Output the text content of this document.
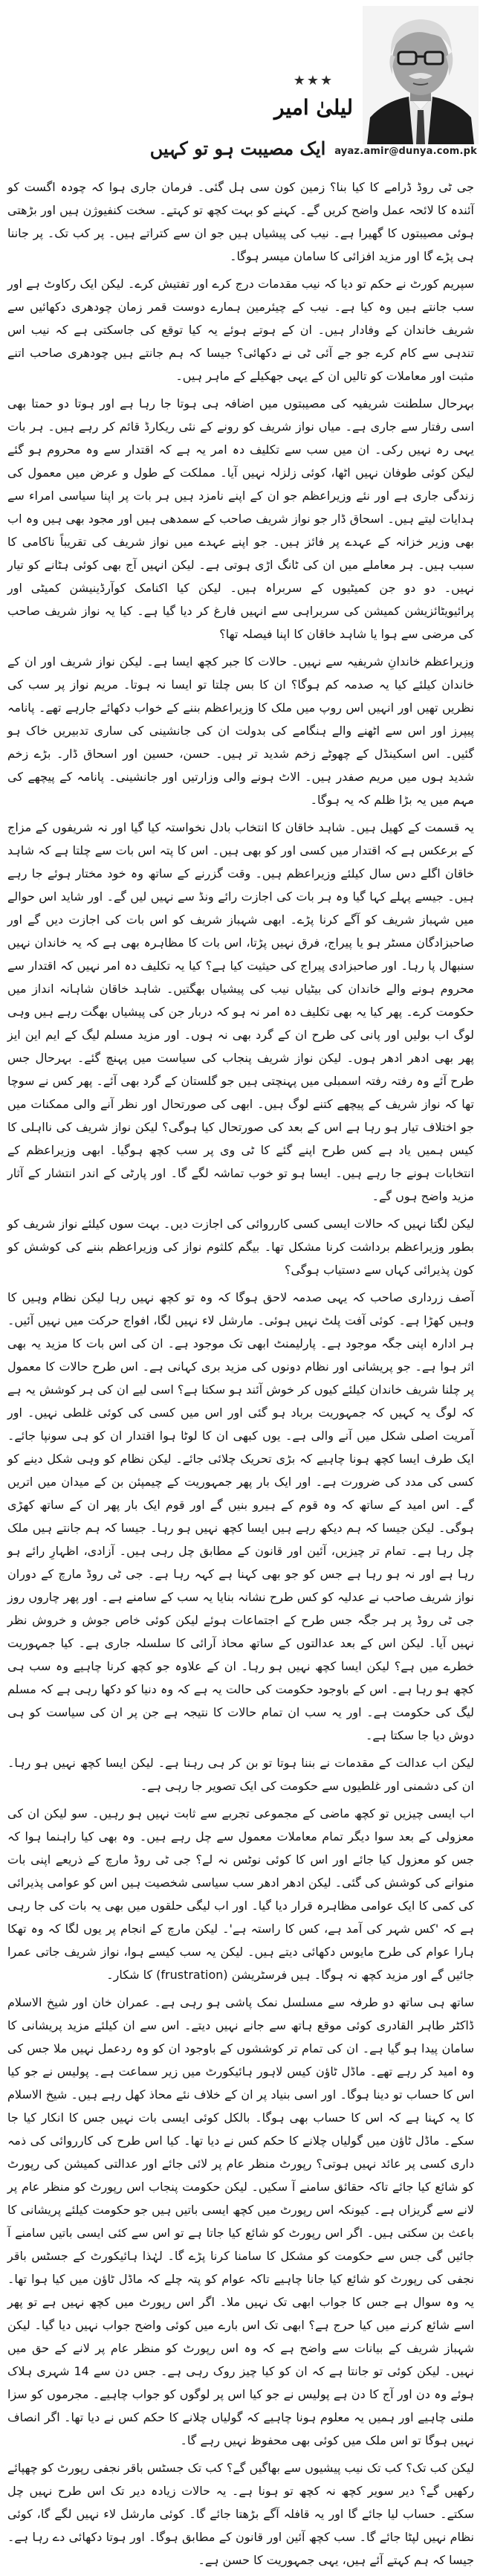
ayaz.amir@dunya.com.pk
★★★
لیلیٰ امیر
ایک مصیبت ہو تو کہیں

جی ٹی روڈ ڈرامے کا کیا بنا؟ زمین کون سی ہل گئی۔ فرمان جاری ہوا کہ چودہ اگست کو آئندہ کا لائحہ عمل واضح کریں گے۔ کہنے کو بہت کچھ تو کہتے۔ سخت کنفیوژن ہیں اور بڑھتی ہوئی مصیبتوں کا گھیرا ہے۔ نیب کی پیشیاں ہیں جو ان سے کتراتے ہیں۔ پر کب تک۔ پر جاننا ہی پڑے گا اور مزید افزائی کا سامان میسر ہوگا۔

سپریم کورٹ نے حکم تو دیا کہ نیب مقدمات درج کرے اور تفتیش کرے۔ لیکن ایک رکاوٹ ہے اور سب جانتے ہیں وہ کیا ہے۔ نیب کے چیئرمین ہمارے دوست قمر زمان چودھری دکھائیں سے شریف خاندان کے وفادار ہیں۔ ان کے ہوتے ہوئے یہ کیا توقع کی جاسکتی ہے کہ نیب اس تندہی سے کام کرے جو جے آئی ٹی نے دکھائی؟ جیسا کہ ہم جانتے ہیں چودھری صاحب اتنے مثبت اور معاملات کو تالیں ان کے یہی جھکیلے کے ماہر ہیں۔

بہرحال سلطنت شریفیہ کی مصیبتوں میں اضافہ ہی ہوتا جا رہا ہے اور ہوتا دو حمتا بھی اسی رفتار سے جاری ہے۔ میاں نواز شریف کو رونے کے نئی ریکارڈ قائم کر رہے ہیں۔ ہر بات یہی رہ نہیں رکی۔ ان میں سب سے تکلیف دہ امر یہ ہے کہ اقتدار سے وہ محروم ہو گئے لیکن کوئی طوفان نہیں اٹھا، کوئی زلزلہ نہیں آیا۔ مملکت کے طول و عرض میں معمول کی زندگی جاری ہے اور نئے وزیراعظم جو ان کے اپنے نامزد ہیں ہر بات پر اپنا سیاسی امراء سے ہدایات لیتے ہیں۔ اسحاق ڈار جو نواز شریف صاحب کے سمدھی ہیں اور مجود بھی ہیں وہ اب بھی وزیر خزانہ کے عہدے پر فائز ہیں۔ جو اپنے عہدے میں نواز شریف کی تقریباً ناکامی کا سبب ہیں۔ ہر معاملے میں ان کی ٹانگ اڑی ہوتی ہے۔ لیکن انہیں آج بھی کوئی ہٹانے کو تیار نہیں۔ دو دو جن کمیٹیوں کے سربراہ ہیں۔ لیکن کیا اکنامک کوآرڈینیشن کمیٹی اور پرائیویٹائزیشن کمیشن کی سربراہی سے انہیں فارغ کر دیا گیا ہے۔ کیا یہ نواز شریف صاحب کی مرضی سے ہوا یا شاہد خاقان کا اپنا فیصلہ تھا؟

وزیراعظم خاندانِ شریفیہ سے نہیں۔ حالات کا جبر کچھ ایسا ہے۔ لیکن نواز شریف اور ان کے خاندان کیلئے کیا یہ صدمہ کم ہوگا؟ ان کا بس چلتا تو ایسا نہ ہوتا۔ مریم نواز پر سب کی نظریں تھیں اور انہیں اس روپ میں ملک کا وزیراعظم بننے کے خواب دکھائے جارہے تھے۔ پانامہ پیپرز اور اس سے اٹھنے والے ہنگامے کی بدولت ان کی جانشینی کی ساری تدبیریں خاک ہو گئیں۔ اس اسکینڈل کے چھوٹے زخم شدید تر ہیں۔ حسن، حسین اور اسحاق ڈار۔ بڑے زخم شدید ہوں میں مریم صفدر ہیں۔ الاٹ ہونے والی وزارتیں اور جانشینی۔ پانامہ کے پیچھے کی مہم میں یہ بڑا ظلم کہ یہ ہوگا۔

یہ قسمت کے کھیل ہیں۔ شاہد خاقان کا انتخاب بادل نخواستہ کیا گیا اور نہ شریفوں کے مزاج کے برعکس ہے کہ اقتدار میں کسی اور کو بھی ہیں۔ اس کا پتہ اس بات سے چلتا ہے کہ شاہد خاقان اگلے دس سال کیلئے وزیراعظم ہیں۔ وقت گزرنے کے ساتھ وہ خود مختار ہوئے جا رہے ہیں۔ جیسے پہلے کہا گیا وہ ہر بات کی اجازت رائے ونڈ سے نہیں لیں گے۔ اور شاید اس حوالے میں شہباز شریف کو آگے کرنا پڑے۔ ابھی شہباز شریف کو اس بات کی اجازت دیں گے اور صاحبزادگان مسٹر ہو یا پیراج، فرق نہیں پڑتا، اس بات کا مظاہرہ بھی ہے کہ یہ خاندان نہیں سنبھال پا رہا۔ اور صاحبزادی پیراج کی حیثیت کیا ہے؟ کیا یہ تکلیف دہ امر نہیں کہ اقتدار سے محروم ہونے والے خاندان کی بیٹیاں نیب کی پیشیاں بھگتیں۔ شاہد خاقان شاہانہ انداز میں حکومت کرے۔ پھر کیا یہ بھی تکلیف دہ امر نہ ہو کہ دربار جن کی پیشیاں بھگت رہے ہیں وہی لوگ اب بولیں اور پانی کی طرح ان کے گرد بھی نہ ہوں۔ اور مزید مسلم لیگ کے ایم این ایز پھر بھی ادھر ادھر ہوں۔ لیکن نواز شریف پنجاب کی سیاست میں پہنچ گئے۔ بہرحال جس طرح آئے وہ رفتہ رفتہ اسمبلی میں پہنچتی ہیں جو گلستان کے گرد بھی آئے۔ پھر کس نے سوچا تھا کہ نواز شریف کے پیچھے کتنے لوگ ہیں۔ ابھی کی صورتحال اور نظر آنے والی ممکنات میں جو اختلاف تیار ہو رہا ہے اس کے بعد کی صورتحال کیا ہوگی؟ لیکن نواز شریف کی نااہلی کا کیس ہمیں یاد ہے کس طرح اپنے گئے کا ٹی وی پر سب کچھ ہوگیا۔ ابھی وزیراعظم کے انتخابات ہونے جا رہے ہیں۔ ایسا ہو تو خوب تماشہ لگے گا۔ اور پارٹی کے اندر انتشار کے آثار مزید واضح ہوں گے۔

لیکن لگتا نہیں کہ حالات ایسی کسی کارروائی کی اجازت دیں۔ بہت سوں کیلئے نواز شریف کو بطور وزیراعظم برداشت کرنا مشکل تھا۔ بیگم کلثوم نواز کی وزیراعظم بننے کی کوشش کو کون پذیرائی کہاں سے دستیاب ہوگی؟

آصف زرداری صاحب کہ یہی صدمہ لاحق ہوگا کہ وہ تو کچھ نہیں رہا لیکن نظام وہیں کا وہیں کھڑا ہے۔ کوئی آفت پلٹ نہیں ہوئی۔ مارشل لاء نہیں لگا، افواج حرکت میں نہیں آئیں۔ ہر ادارہ اپنی جگہ موجود ہے۔ پارلیمنٹ ابھی تک موجود ہے۔ ان کی اس بات کا مزید یہ بھی اثر ہوا ہے۔ جو پریشانی اور نظام دونوں کی مزید بری کہانی ہے۔ اس طرح حالات کا معمول پر چلنا شریف خاندان کیلئے کیوں کر خوش آئند ہو سکتا ہے؟ اسی لیے ان کی ہر کوشش یہ ہے کہ لوگ یہ کہیں کہ جمہوریت برباد ہو گئی اور اس میں کسی کی کوئی غلطی نہیں۔ اور آمریت اصلی شکل میں آنے والی ہے۔ یوں کبھی ان کا لوٹا ہوا اقتدار ان کو ہی سونپا جائے۔ ایک طرف ایسا کچھ ہونا چاہیے کہ بڑی تحریک چلائی جائے۔ لیکن نظام کو وہی شکل دینے کو کسی کی مدد کی ضرورت ہے۔ اور ایک بار پھر جمہوریت کے چیمپئن بن کے میدان میں اتریں گے۔ اس امید کے ساتھ کہ وہ قوم کے ہیرو بنیں گے اور قوم ایک بار پھر ان کے ساتھ کھڑی ہوگی۔ لیکن جیسا کہ ہم دیکھ رہے ہیں ایسا کچھ نہیں ہو رہا۔ جیسا کہ ہم جانتے ہیں ملک چل رہا ہے۔ تمام تر چیزیں، آئین اور قانون کے مطابق چل رہی ہیں۔ آزادی، اظہارِ رائے ہو رہا ہے اور نہ ہو رہا ہے جس کو جو بھی کہنا ہے کہہ رہا ہے۔ جی ٹی روڈ مارچ کے دوران نواز شریف صاحب نے عدلیہ کو کس طرح نشانہ بنایا یہ سب کے سامنے ہے۔ اور پھر چاروں روز جی ٹی روڈ پر ہر جگہ جس طرح کے اجتماعات ہوئے لیکن کوئی خاص جوش و خروش نظر نہیں آیا۔ لیکن اس کے بعد عدالتوں کے ساتھ محاذ آرائی کا سلسلہ جاری ہے۔ کیا جمہوریت خطرے میں ہے؟ لیکن ایسا کچھ نہیں ہو رہا۔ ان کے علاوہ جو کچھ کرنا چاہیے وہ سب ہی کچھ ہو رہا ہے۔ اس کے باوجود حکومت کی حالت یہ ہے کہ وہ دنیا کو دکھا رہی ہے کہ مسلم لیگ کی حکومت ہے۔ اور یہ سب ان تمام حالات کا نتیجہ ہے جن پر ان کی سیاست کو ہی دوش دیا جا سکتا ہے۔

لیکن اب عدالت کے مقدمات نے بننا ہوتا تو بن کر ہی رہنا ہے۔ لیکن ایسا کچھ نہیں ہو رہا۔ ان کی دشمنی اور غلطیوں سے حکومت کی ایک تصویر جا رہی ہے۔

اب ایسی چیزیں تو کچھ ماضی کے مجموعی تجربے سے ثابت نہیں ہو رہیں۔ سو لیکن ان کی معزولی کے بعد سوا دیگر تمام معاملات معمول سے چل رہے ہیں۔ وہ بھی کیا راہنما ہوا کہ جس کو معزول کیا جائے اور اس کا کوئی نوٹس نہ لے؟ جی ٹی روڈ مارچ کے ذریعے اپنی بات منوانے کی کوشش کی گئی۔ لیکن ادھر ادھر سب سیاسی شخصیت ہیں اس کو عوامی پذیرائی کی کمی کا ایک عوامی مظاہرہ قرار دیا گیا۔ اور اب لیگی حلقوں میں بھی یہ بات کی جا رہی ہے کہ 'کس شہر کی آمد ہے، کس کا راستہ ہے'۔ لیکن مارچ کے انجام پر یوں لگا کہ وہ تھکا ہارا عوام کی طرح مایوس دکھائی دیتے ہیں۔ لیکن یہ سب کیسے ہوا، نواز شریف جاتی عمرا جائیں گے اور مزید کچھ نہ ہوگا۔ ہیں فرسٹریشن (frustration) کا شکار۔

ساتھ ہی ساتھ دو طرفہ سے مسلسل نمک پاشی ہو رہی ہے۔ عمران خان اور شیخ الاسلام ڈاکٹر طاہر القادری کوئی موقع ہاتھ سے جانے نہیں دیتے۔ اس سے ان کیلئے مزید پریشانی کا سامان پیدا ہو گیا ہے۔ ان کی تمام تر کوششوں کے باوجود ان کو وہ ردعمل نہیں ملا جس کی وہ امید کر رہے تھے۔ ماڈل ٹاؤن کیس لاہور ہائیکورٹ میں زیر سماعت ہے۔ پولیس نے جو کیا اس کا حساب تو دینا ہوگا۔ اور اسی بنیاد پر ان کے خلاف نئے محاذ کھل رہے ہیں۔ شیخ الاسلام کا یہ کہنا ہے کہ اس کا حساب بھی ہوگا۔ بالکل کوئی ایسی بات نہیں جس کا انکار کیا جا سکے۔ ماڈل ٹاؤن میں گولیاں چلانے کا حکم کس نے دیا تھا۔ کیا اس طرح کی کارروائی کی ذمہ داری کسی پر عائد نہیں ہوتی؟ رپورٹ منظر عام پر لائی جائے اور عدالتی کمیشن کی رپورٹ کو شائع کیا جائے تاکہ حقائق سامنے آ سکیں۔ لیکن حکومت پنجاب اس رپورٹ کو منظر عام پر لانے سے گریزاں ہے۔ کیونکہ اس رپورٹ میں کچھ ایسی باتیں ہیں جو حکومت کیلئے پریشانی کا باعث بن سکتی ہیں۔ اگر اس رپورٹ کو شائع کیا جاتا ہے تو اس سے کئی ایسی باتیں سامنے آ جائیں گی جس سے حکومت کو مشکل کا سامنا کرنا پڑے گا۔ لہٰذا ہائیکورٹ کے جسٹس باقر نجفی کی رپورٹ کو شائع کیا جانا چاہیے تاکہ عوام کو پتہ چلے کہ ماڈل ٹاؤن میں کیا ہوا تھا۔ یہ وہ سوال ہے جس کا جواب ابھی تک نہیں ملا۔ اگر اس رپورٹ میں کچھ نہیں ہے تو پھر اسے شائع کرنے میں کیا حرج ہے؟ ابھی تک اس بارے میں کوئی واضح جواب نہیں دیا گیا۔ لیکن شہباز شریف کے بیانات سے واضح ہے کہ وہ اس رپورٹ کو منظر عام پر لانے کے حق میں نہیں۔ لیکن کوئی تو جانتا ہے کہ ان کو کیا چیز روک رہی ہے۔ جس دن سے 14 شہری ہلاک ہوئے وہ دن اور آج کا دن ہے پولیس نے جو کیا اس پر لوگوں کو جواب چاہیے۔ مجرموں کو سزا ملنی چاہیے اور ہمیں یہ معلوم ہونا چاہیے کہ گولیاں چلانے کا حکم کس نے دیا تھا۔ اگر انصاف نہیں ہوگا تو اس ملک میں کوئی بھی محفوظ نہیں رہے گا۔

لیکن کب تک؟ کب تک نیب پیشیوں سے بھاگیں گے؟ کب تک جسٹس باقر نجفی رپورٹ کو چھپائے رکھیں گے؟ دیر سویر کچھ نہ کچھ تو ہونا ہے۔ یہ حالات زیادہ دیر تک اس طرح نہیں چل سکتے۔ حساب لیا جائے گا اور یہ قافلہ آگے بڑھتا جائے گا۔ کوئی مارشل لاء نہیں لگے گا، کوئی نظام نہیں لپٹا جائے گا۔ سب کچھ آئین اور قانون کے مطابق ہوگا۔ اور ہوتا دکھائی دے رہا ہے۔ جیسا کہ ہم کہتے آئے ہیں، یہی جمہوریت کا حسن ہے۔
